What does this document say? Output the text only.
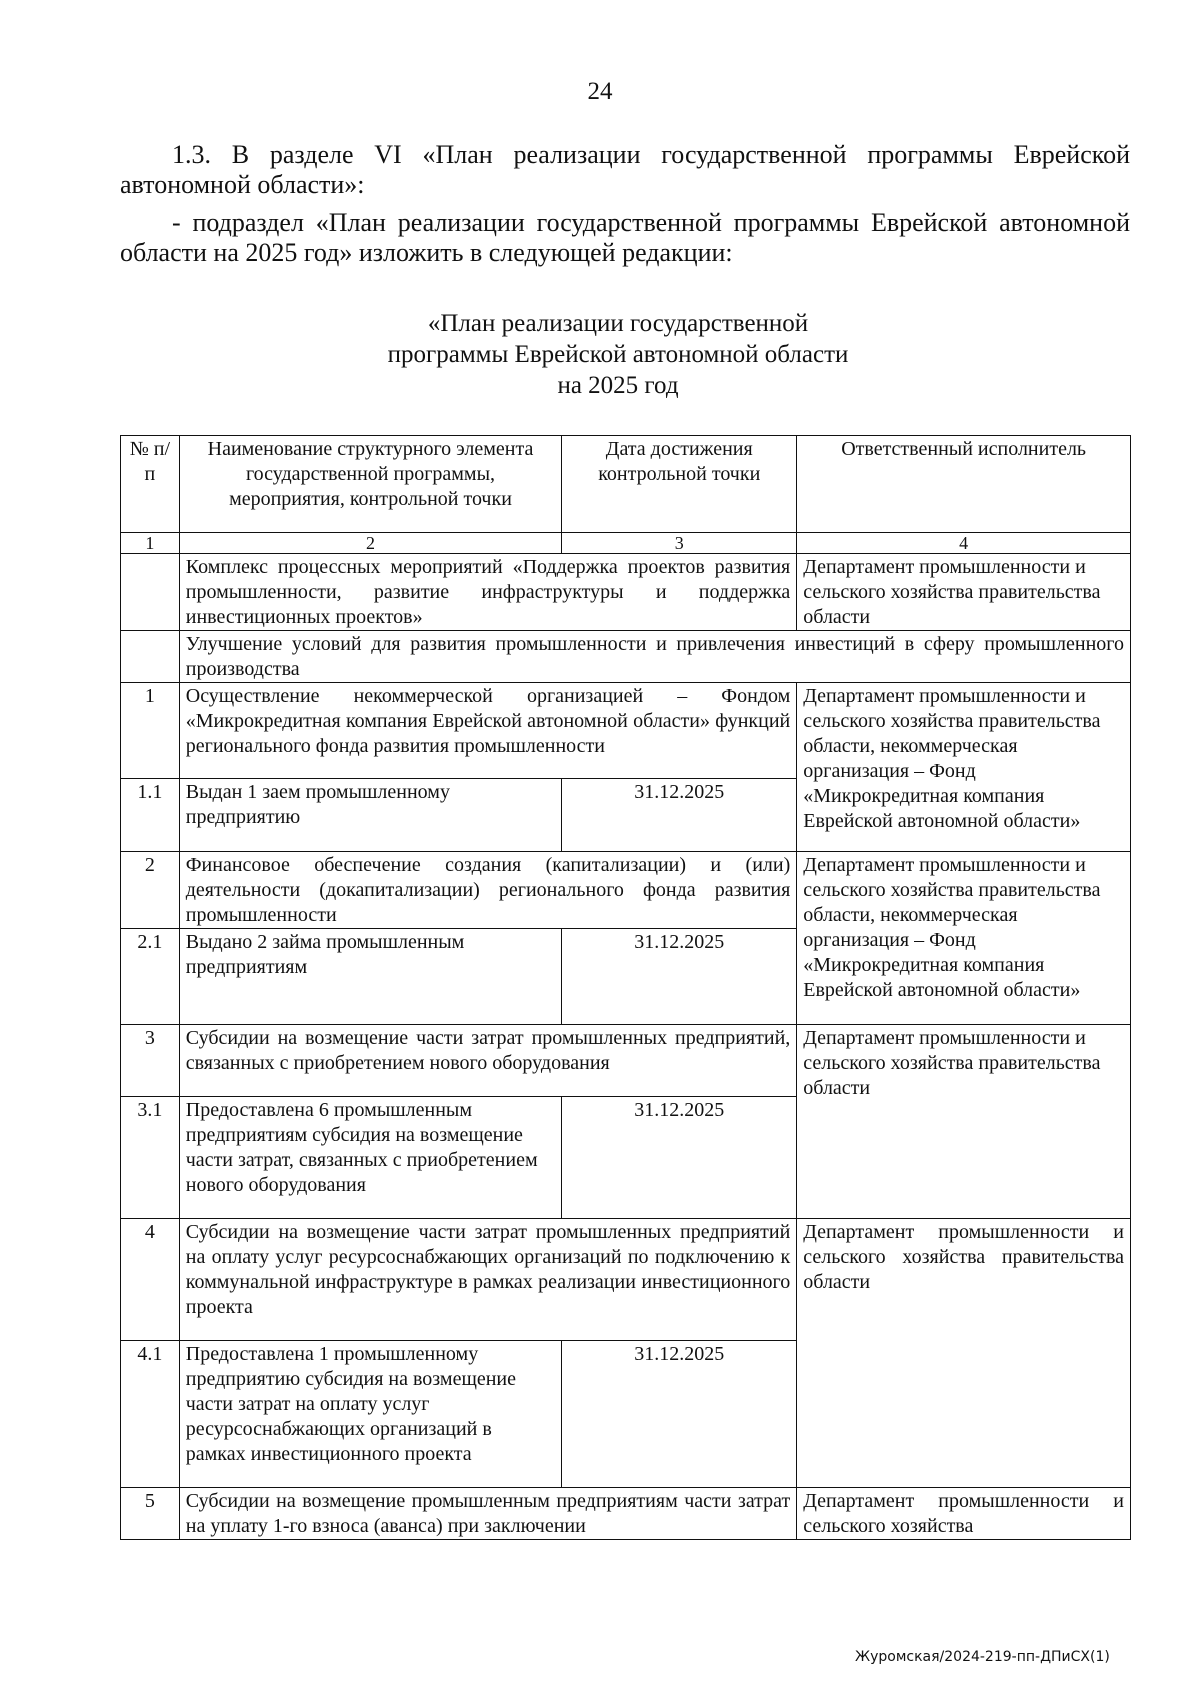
24
1.3. В разделе VI «План реализации государственной программы Еврейской автономной области»:
- подраздел «План реализации государственной программы Еврейской автономной области на 2025 год» изложить в следующей редакции:
«План реализации государственной
программы Еврейской автономной области
на 2025 год
№ п/п	Наименование структурного элемента государственной программы, мероприятия, контрольной точки	Дата достижения контрольной точки	Ответственный исполнитель
1	2	3	4
	Комплекс процессных мероприятий «Поддержка проектов развития промышленности, развитие инфраструктуры и поддержка инвестиционных проектов»		Департамент промышленности и сельского хозяйства правительства области
	Улучшение условий для развития промышленности и привлечения инвестиций в сферу промышленного производства		
1	Осуществление некоммерческой организацией – Фондом «Микрокредитная компания Еврейской автономной области» функций регионального фонда развития промышленности		Департамент промышленности и сельского хозяйства правительства области, некоммерческая организация – Фонд «Микрокредитная компания Еврейской автономной области»
1.1	Выдан 1 заем промышленному предприятию	31.12.2025	
2	Финансовое обеспечение создания (капитализации) и (или) деятельности (докапитализации) регионального фонда развития промышленности		Департамент промышленности и сельского хозяйства правительства области, некоммерческая организация – Фонд «Микрокредитная компания Еврейской автономной области»
2.1	Выдано 2 займа промышленным предприятиям	31.12.2025	
3	Субсидии на возмещение части затрат промышленных предприятий, связанных с приобретением нового оборудования		Департамент промышленности и сельского хозяйства правительства области
3.1	Предоставлена 6 промышленным предприятиям субсидия на возмещение части затрат, связанных с приобретением нового оборудования	31.12.2025	
4	Субсидии на возмещение части затрат промышленных предприятий на оплату услуг ресурсоснабжающих организаций по подключению к коммунальной инфраструктуре в рамках реализации инвестиционного проекта		Департамент промышленности и сельского хозяйства правительства области
4.1	Предоставлена 1 промышленному предприятию субсидия на возмещение части затрат на оплату услуг ресурсоснабжающих организаций в рамках инвестиционного проекта	31.12.2025	
5	Субсидии на возмещение промышленным предприятиям части затрат на уплату 1-го взноса (аванса) при заключении		Департамент промышленности и сельского хозяйства
Журомская/2024-219-пп-ДПиСХ(1)
